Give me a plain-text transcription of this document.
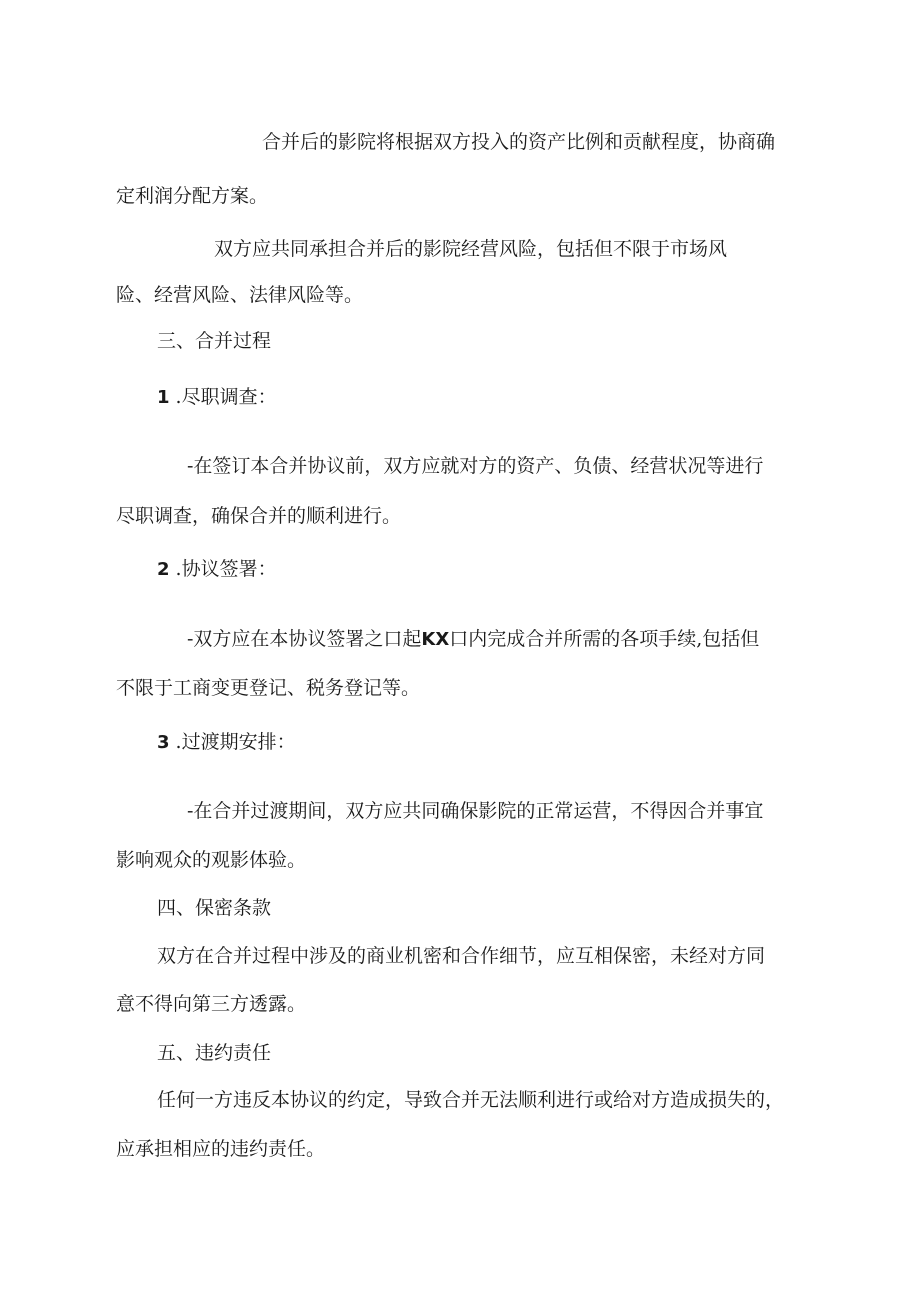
合并后的影院将根据双方投入的资产比例和贡献程度，协商确
定利润分配方案。
双方应共同承担合并后的影院经营风险，包括但不限于市场风
险、经营风险、法律风险等。
三、合并过程
1 .尽职调查：
-在签订本合并协议前，双方应就对方的资产、负债、经营状况等进行
尽职调查，确保合并的顺利进行。
2 .协议签署：
-双方应在本协议签署之口起KX口内完成合并所需的各项手续,包括但
不限于工商变更登记、税务登记等。
3 .过渡期安排：
-在合并过渡期间，双方应共同确保影院的正常运营，不得因合并事宜
影响观众的观影体验。
四、保密条款
双方在合并过程中涉及的商业机密和合作细节，应互相保密，未经对方同
意不得向第三方透露。
五、违约责任
任何一方违反本协议的约定，导致合并无法顺利进行或给对方造成损失的，
应承担相应的违约责任。
